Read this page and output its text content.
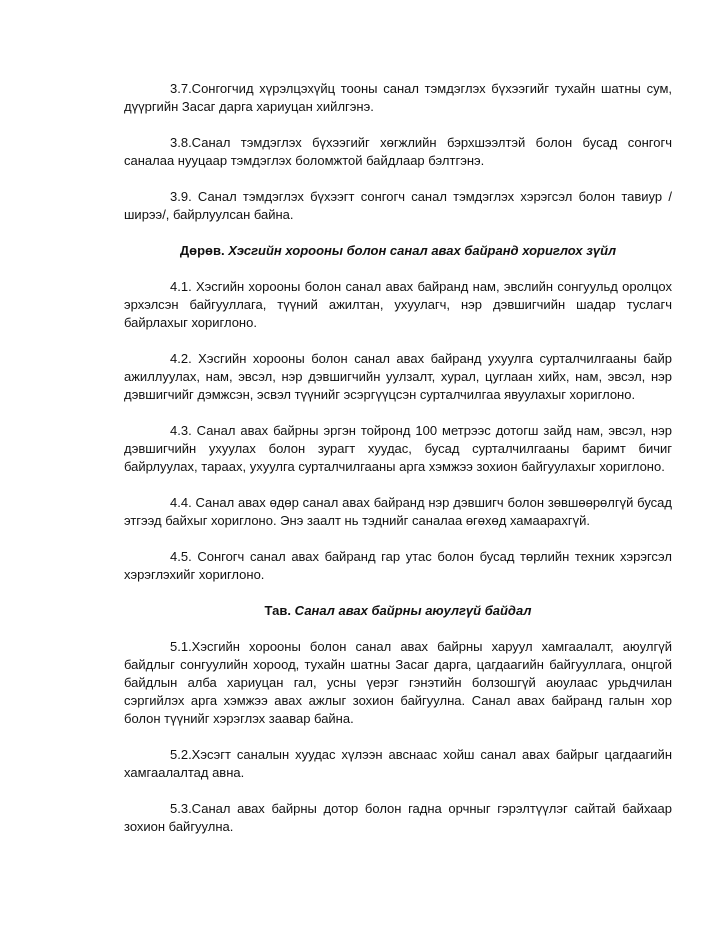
3.7.Сонгогчид хүрэлцэхүйц тооны санал тэмдэглэх бүхээгийг тухайн шатны сум, дүүргийн Засаг дарга хариуцан хийлгэнэ.

3.8.Санал тэмдэглэх бүхээгийг хөгжлийн бэрхшээлтэй болон бусад сонгогч саналаа нууцаар тэмдэглэх боломжтой байдлаар бэлтгэнэ.

3.9. Санал тэмдэглэх бүхээгт сонгогч санал тэмдэглэх хэрэгсэл болон тавиур /ширээ/, байрлуулсан байна.

Дөрөв. Хэсгийн хорооны болон санал авах байранд хориглох зүйл

4.1. Хэсгийн хорооны болон санал авах байранд нам, эвслийн сонгуульд оролцох эрхэлсэн байгууллага, түүний ажилтан, ухуулагч, нэр дэвшигчийн шадар туслагч байрлахыг хориглоно.

4.2. Хэсгийн хорооны болон санал авах байранд ухуулга сурталчилгааны байр ажиллуулах, нам, эвсэл, нэр дэвшигчийн уулзалт, хурал, цуглаан хийх, нам, эвсэл, нэр дэвшигчийг дэмжсэн, эсвэл түүнийг эсэргүүцсэн сурталчилгаа явуулахыг хориглоно.

4.3. Санал авах байрны эргэн тойронд 100 метрээс дотогш зайд нам, эвсэл, нэр дэвшигчийн ухуулах болон зурагт хуудас, бусад сурталчилгааны баримт бичиг байрлуулах, тараах, ухуулга сурталчилгааны арга хэмжээ зохион байгуулахыг хориглоно.

4.4. Санал авах өдөр санал авах байранд нэр дэвшигч болон зөвшөөрөлгүй бусад этгээд байхыг хориглоно. Энэ заалт нь тэднийг саналаа өгөхөд хамаарахгүй.

4.5. Сонгогч санал авах байранд гар утас болон бусад төрлийн техник хэрэгсэл хэрэглэхийг хориглоно.

Тав. Санал авах байрны аюулгүй байдал

5.1.Хэсгийн хорооны болон санал авах байрны харуул хамгаалалт, аюулгүй байдлыг сонгуулийн хороод, тухайн шатны Засаг дарга, цагдаагийн байгууллага, онцгой байдлын алба хариуцан гал, усны үерэг гэнэтийн болзошгүй аюулаас урьдчилан сэргийлэх арга хэмжээ авах ажлыг зохион байгуулна. Санал авах байранд галын хор болон түүнийг хэрэглэх заавар байна.

5.2.Хэсэгт саналын хуудас хүлээн авснаас хойш санал авах байрыг цагдаагийн хамгаалалтад авна.

5.3.Санал авах байрны дотор болон гадна орчныг гэрэлтүүлэг сайтай байхаар зохион байгуулна.
